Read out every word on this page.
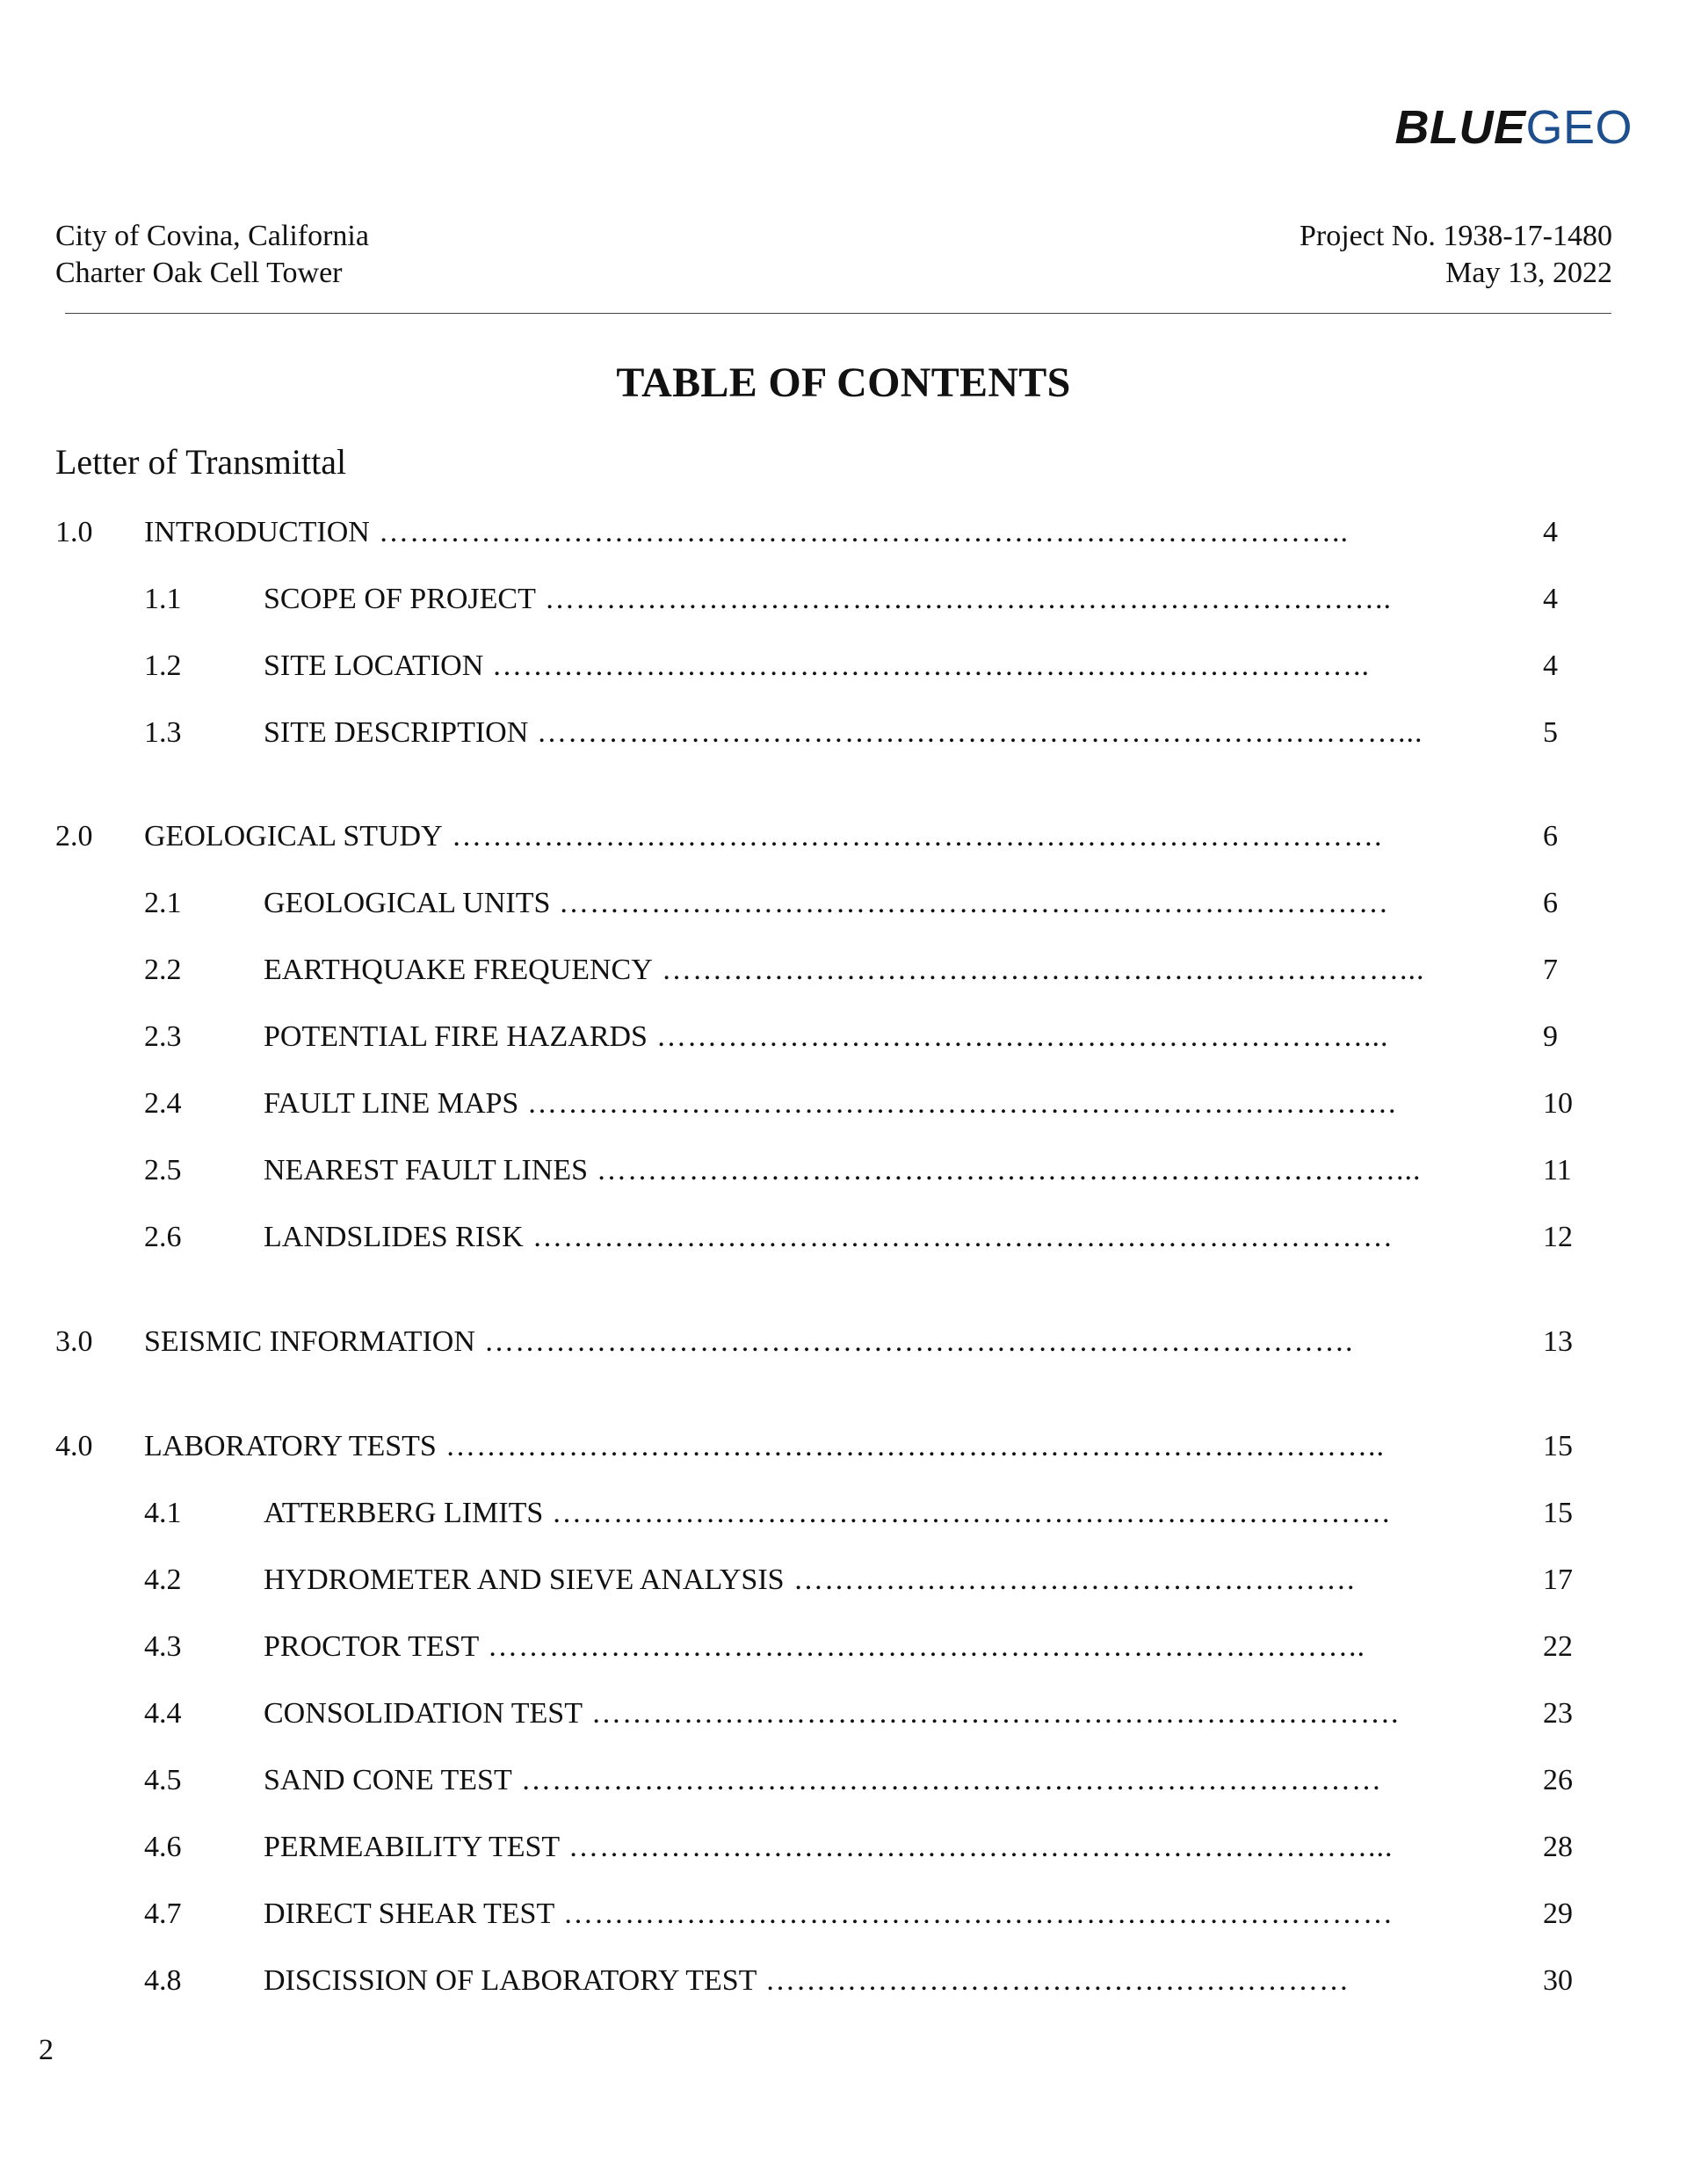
BLUEGEO
City of Covina, California
Charter Oak Cell Tower
Project No. 1938-17-1480
May 13, 2022
TABLE OF CONTENTS
Letter of Transmittal
1.0 INTRODUCTION …………………………………………………………………………………..	4
1.1	SCOPE OF PROJECT ………………………………………………………………………..	4
1.2	SITE LOCATION …………………………………………………………………………..	4
1.3	SITE DESCRIPTION …………………………………………………………………………...	5
2.0 GEOLOGICAL STUDY ……………………………………………………………………………….	6
2.1	GEOLOGICAL UNITS ………………………………………………………………………	6
2.2	EARTHQUAKE FREQUENCY ………………………………………………………………...	7
2.3	POTENTIAL FIRE HAZARDS ……………………………………………………………...	9
2.4	FAULT LINE MAPS ………………………………………………………………………….	10
2.5	NEAREST FAULT LINES ……………………………………………………………………...	11
2.6	LANDSLIDES RISK …………………………………………………………………………	12
3.0 SEISMIC INFORMATION ………………………………………………………………………….	13
4.0 LABORATORY TESTS ………………………………………………………………………………..	15
4.1	ATTERBERG LIMITS ……………………………………………………………………….	15
4.2	HYDROMETER AND SIEVE ANALYSIS ……………………………………………….	17
4.3	PROCTOR TEST …………………………………………………………………………..	22
4.4	CONSOLIDATION TEST …………………………………………………………………….	23
4.5	SAND CONE TEST …………………………………………………………………………	26
4.6	PERMEABILITY TEST ……………………………………………………………………...	28
4.7	DIRECT SHEAR TEST ………………………………………………………………………	29
4.8	DISCISSION OF LABORATORY TEST …………………………………………………	30
2
